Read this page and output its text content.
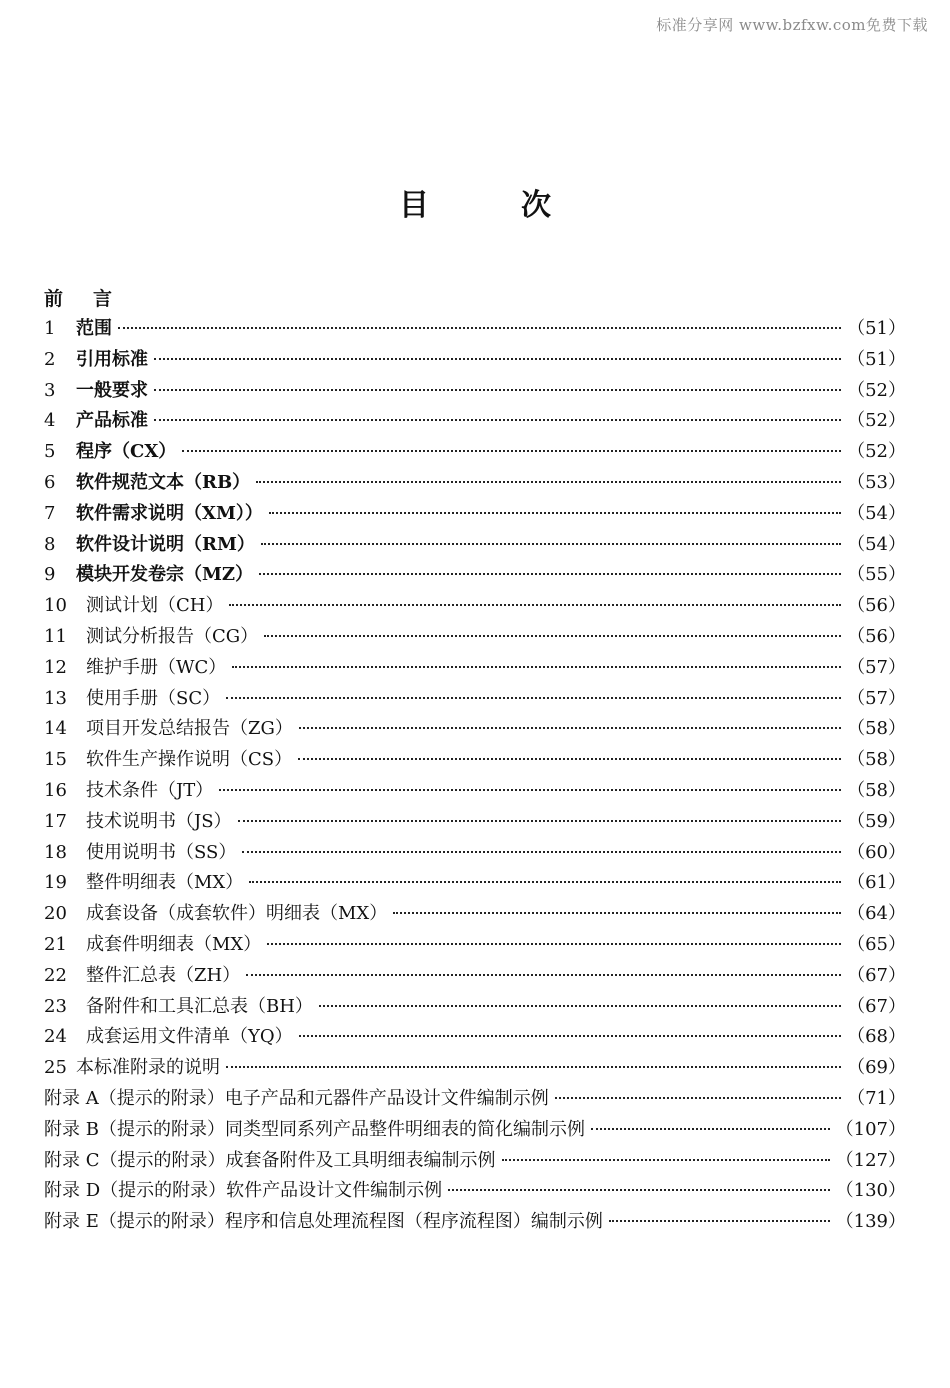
标准分享网 www.bzfxw.com免费下载
目	次
前 言
1	范围	（51）
2	引用标准	（51）
3	一般要求	（52）
4	产品标准	（52）
5	程序（CX）	（52）
6	软件规范文本（RB）	（53）
7	软件需求说明（XM））	（54）
8	软件设计说明（RM）	（54）
9	模块开发卷宗（MZ）	（55）
10	测试计划（CH）	（56）
11	测试分析报告（CG）	（56）
12	维护手册（WC）	（57）
13	使用手册（SC）	（57）
14	项目开发总结报告（ZG）	（58）
15	软件生产操作说明（CS）	（58）
16	技术条件（JT）	（58）
17	技术说明书（JS）	（59）
18	使用说明书（SS）	（60）
19	整件明细表（MX）	（61）
20	成套设备（成套软件）明细表（MX）	（64）
21	成套件明细表（MX）	（65）
22	整件汇总表（ZH）	（67）
23	备附件和工具汇总表（BH）	（67）
24	成套运用文件清单（YQ）	（68）
25 本标准附录的说明	（69）
附录 A（提示的附录）电子产品和元器件产品设计文件编制示例	（71）
附录 B（提示的附录）同类型同系列产品整件明细表的简化编制示例	（107）
附录 C（提示的附录）成套备附件及工具明细表编制示例	（127）
附录 D（提示的附录）软件产品设计文件编制示例	（130）
附录 E（提示的附录）程序和信息处理流程图（程序流程图）编制示例	（139）
